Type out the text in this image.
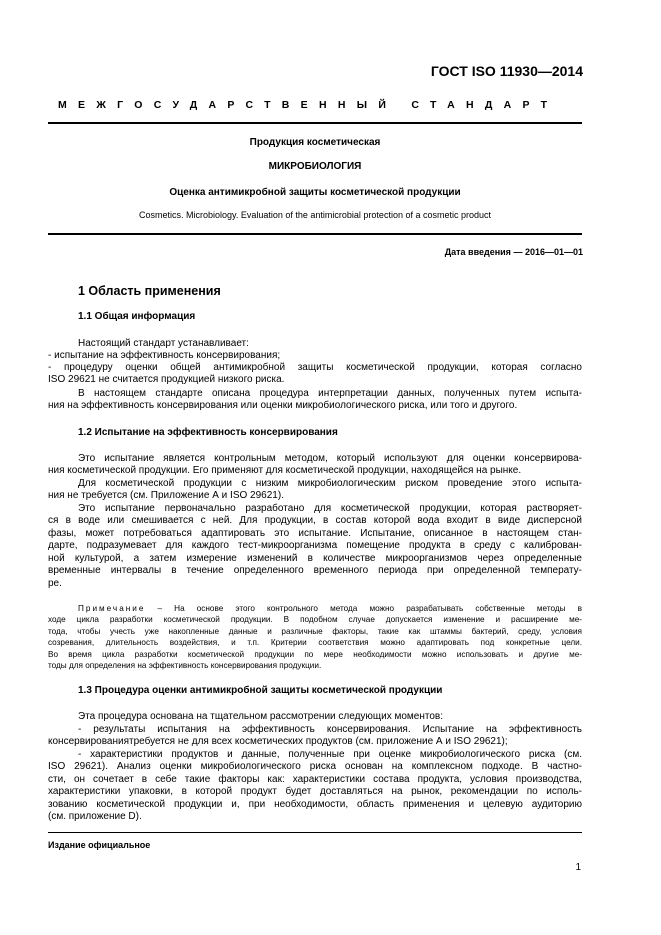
ГОСТ ISO 11930—2014
МЕЖГОСУДАРСТВЕННЫЙ СТАНДАРТ
Продукция косметическая
МИКРОБИОЛОГИЯ
Оценка антимикробной защиты косметической продукции
Cosmetics. Microbiology. Evaluation of the antimicrobial protection of a cosmetic product
Дата введения — 2016—01—01
1 Область применения
1.1 Общая информация
Настоящий стандарт устанавливает:
- испытание на эффективность консервирования;
- процедуру оценки общей антимикробной защиты косметической продукции, которая согласно
ISO 29621 не считается продукцией низкого риска.
В настоящем стандарте описана процедура интерпретации данных, полученных путем испыта-
ния на эффективность консервирования или оценки микробиологического риска, или того и другого.
1.2 Испытание на эффективность консервирования
Это испытание является контрольным методом, который используют для оценки консервирова-
ния косметической продукции. Его применяют для косметической продукции, находящейся на рынке.
Для косметической продукции с низким микробиологическим риском проведение этого испыта-
ния не требуется (см. Приложение А и ISO 29621).
Это испытание первоначально разработано для косметической продукции, которая растворяет-
ся в воде или смешивается с ней. Для продукции, в состав которой вода входит в виде дисперсной
фазы, может потребоваться адаптировать это испытание. Испытание, описанное в настоящем стан-
дарте, подразумевает для каждого тест-микроорганизма помещение продукта в среду с калиброван-
ной культурой, а затем измерение изменений в количестве микроорганизмов через определенные
временные интервалы в течение определенного временного периода при определенной температу-
ре.
Примечание – На основе этого контрольного метода можно разрабатывать собственные методы в
ходе цикла разработки косметической продукции. В подобном случае допускается изменение и расширение ме-
тода, чтобы учесть уже накопленные данные и различные факторы, такие как штаммы бактерий, среду, условия
созревания, длительность воздействия, и т.п. Критерии соответствия можно адаптировать под конкретные цели.
Во время цикла разработки косметической продукции по мере необходимости можно использовать и другие ме-
тоды для определения на эффективность консервирования продукции.
1.3 Процедура оценки антимикробной защиты косметической продукции
Эта процедура основана на тщательном рассмотрении следующих моментов:
- результаты испытания на эффективность консервирования. Испытание на эффективность
консервированиятребуется не для всех косметических продуктов (см. приложение А и ISO 29621);
- характеристики продуктов и данные, полученные при оценке микробиологического риска (см.
ISO 29621). Анализ оценки микробиологического риска основан на комплексном подходе. В частно-
сти, он сочетает в себе такие факторы как: характеристики состава продукта, условия производства,
характеристики упаковки, в которой продукт будет доставляться на рынок, рекомендации по исполь-
зованию косметической продукции и, при необходимости, область применения и целевую аудиторию
(см. приложение D).
Издание официальное
1
